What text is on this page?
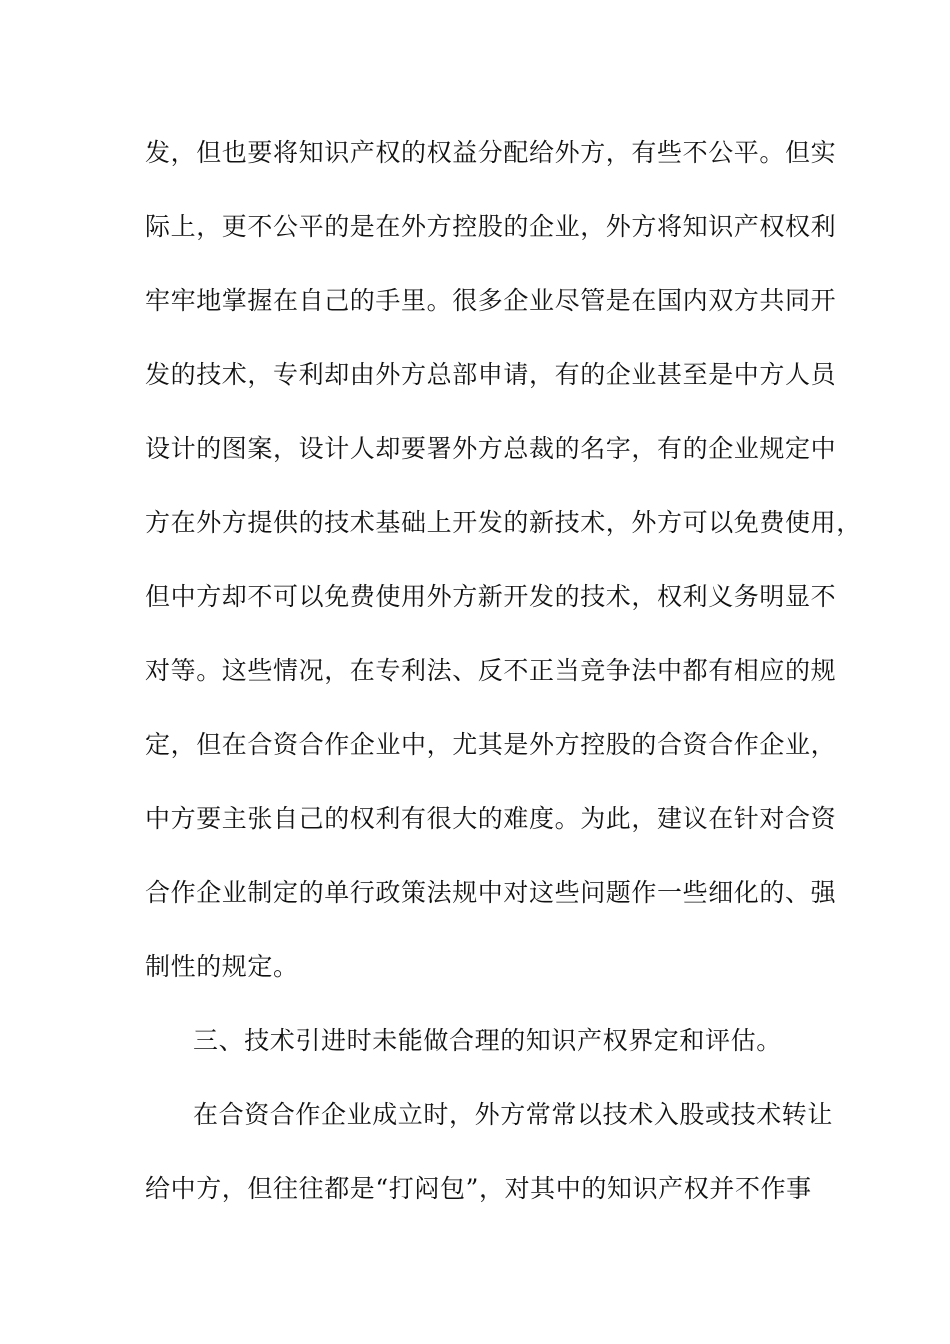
发，但也要将知识产权的权益分配给外方，有些不公平。但实
际上，更不公平的是在外方控股的企业，外方将知识产权权利
牢牢地掌握在自己的手里。很多企业尽管是在国内双方共同开
发的技术，专利却由外方总部申请，有的企业甚至是中方人员
设计的图案，设计人却要署外方总裁的名字，有的企业规定中
方在外方提供的技术基础上开发的新技术，外方可以免费使用，
但中方却不可以免费使用外方新开发的技术，权利义务明显不
对等。这些情况，在专利法、反不正当竞争法中都有相应的规
定，但在合资合作企业中，尤其是外方控股的合资合作企业，
中方要主张自己的权利有很大的难度。为此，建议在针对合资
合作企业制定的单行政策法规中对这些问题作一些细化的、强
制性的规定。
三、技术引进时未能做合理的知识产权界定和评估。
在合资合作企业成立时，外方常常以技术入股或技术转让
给中方，但往往都是“打闷包”，对其中的知识产权并不作事
